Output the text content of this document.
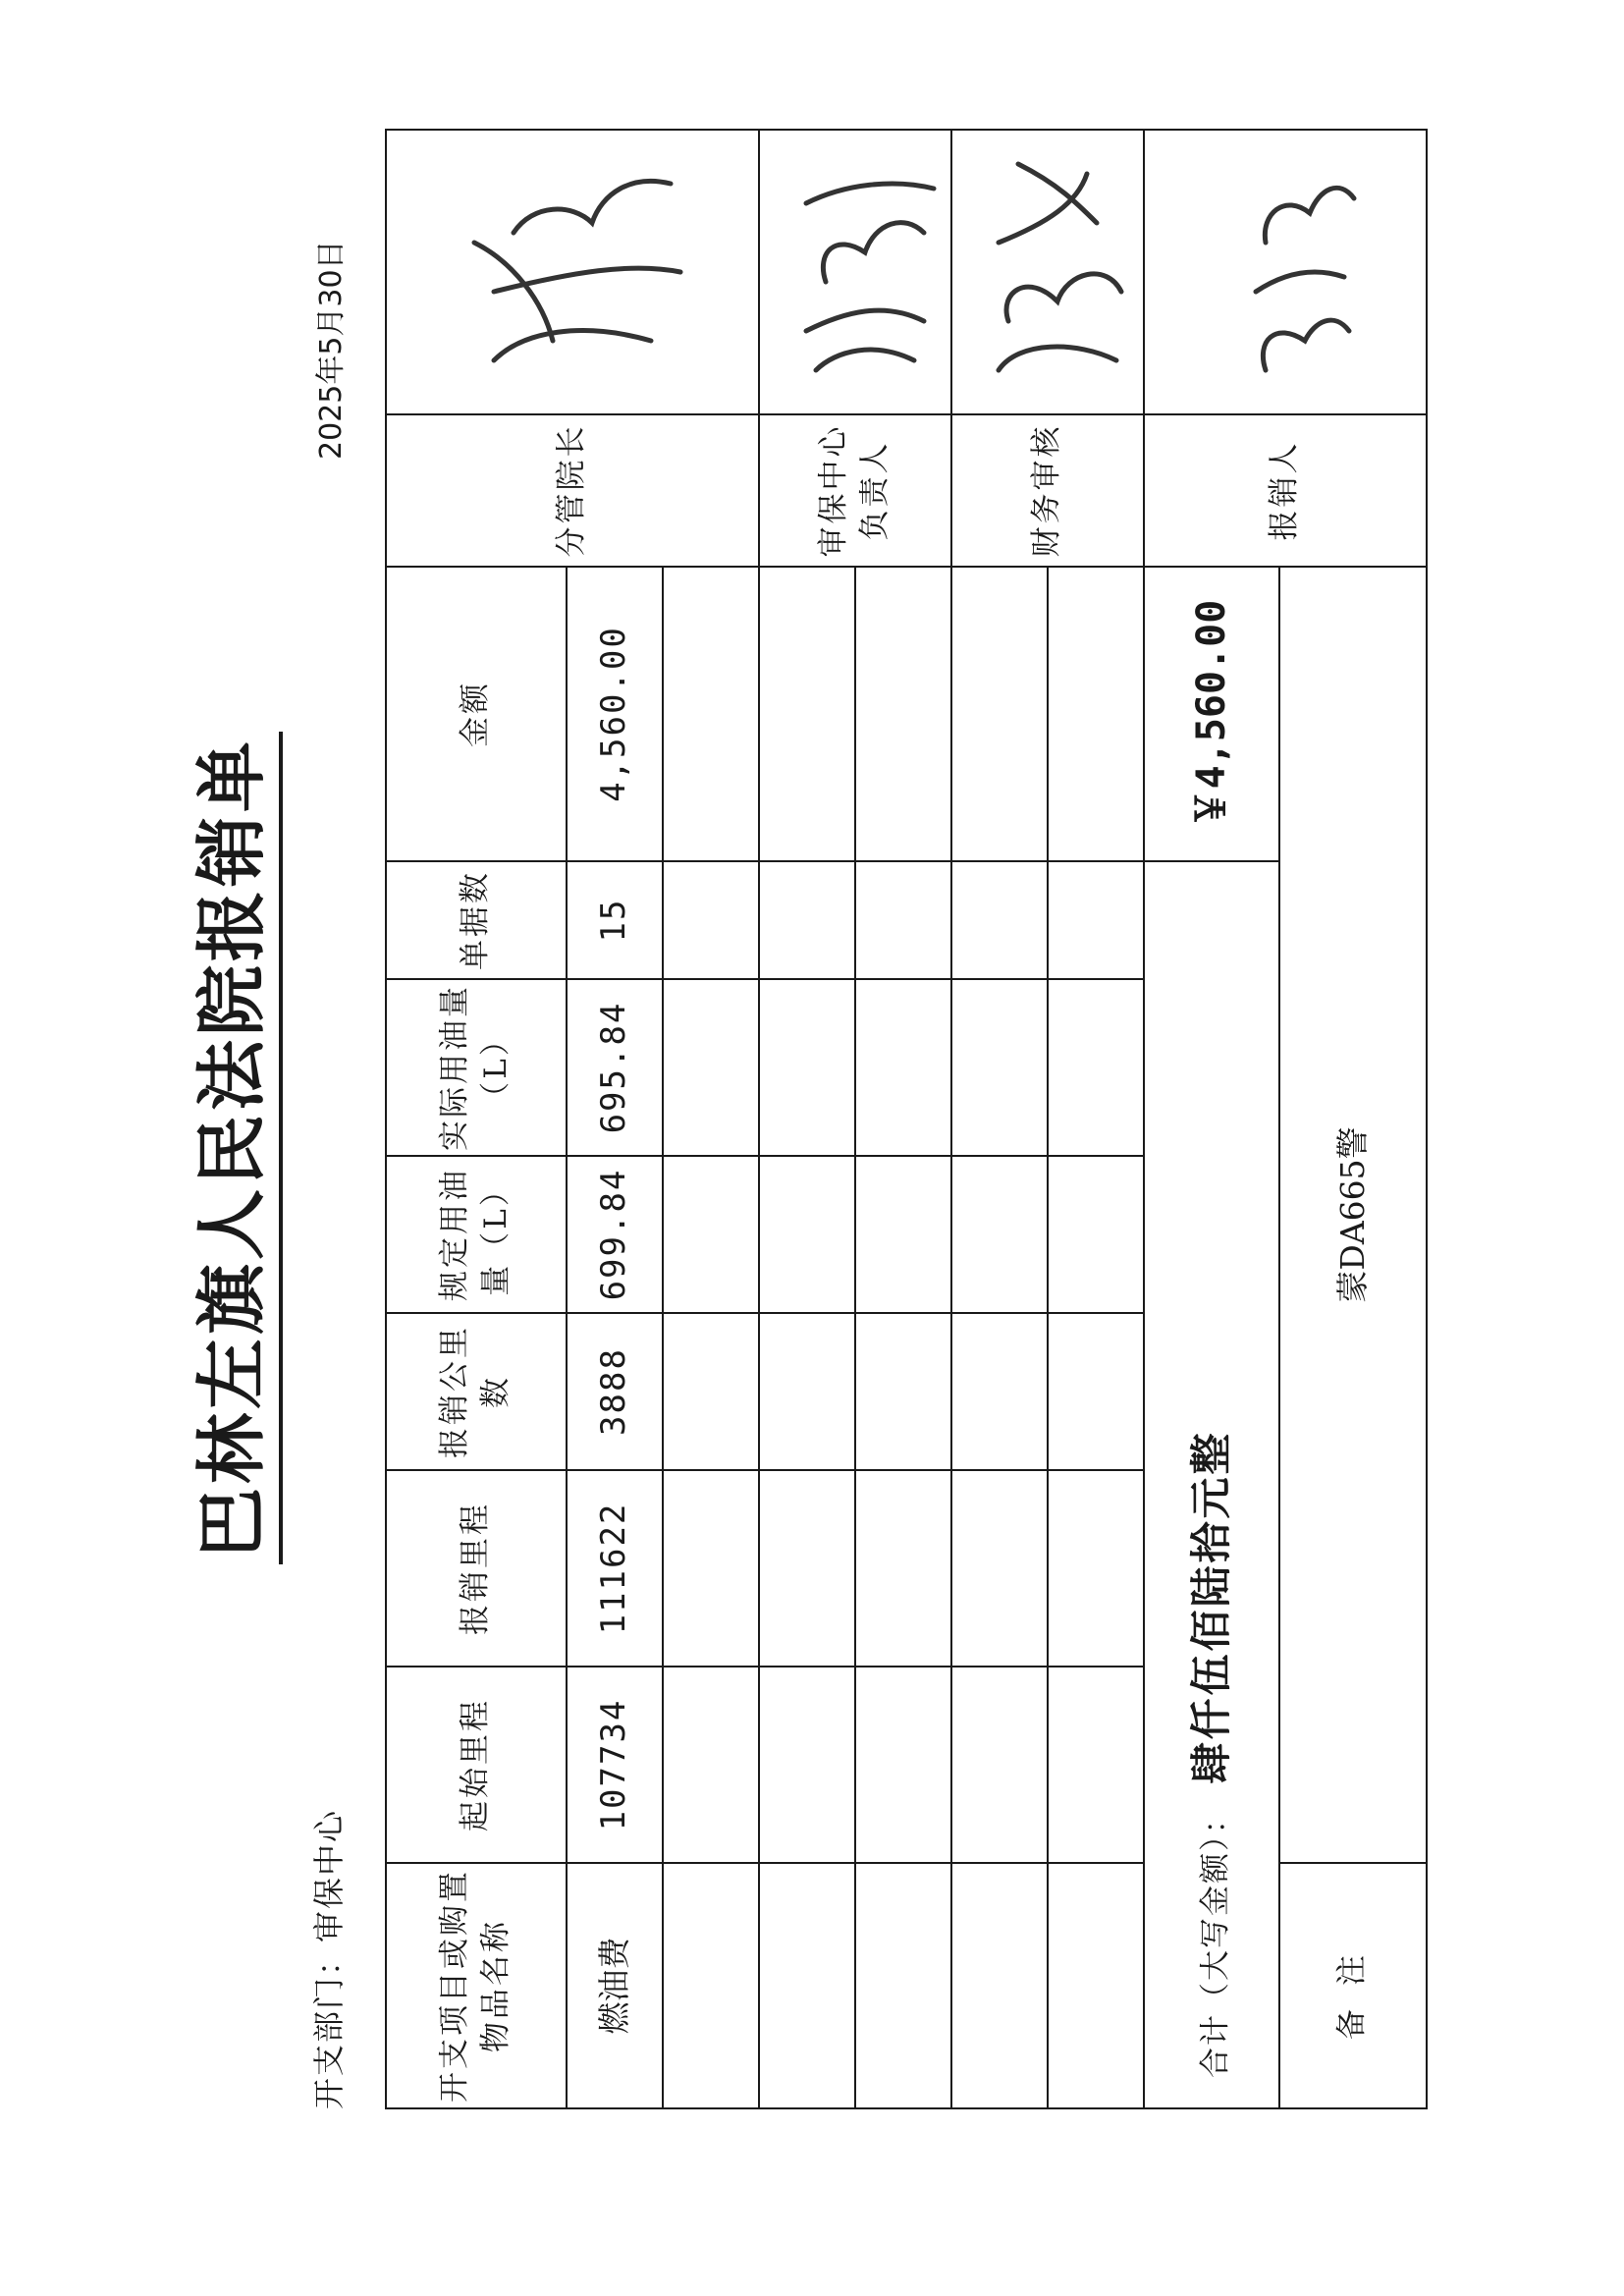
巴林左旗人民法院报销单
开支部门：审保中心
2025年5月30日
开支项目或购置物品名称	起始里程	报销里程	报销公里数	规定用油量（L）	实际用油量（L）	单据数	金额	分管院长	

燃油费	107734	111622	3888	699.84	695.84	15	4,560.00		

								审保中心负责人	

								财务审核	

合计（大写金额）：肆仟伍佰陆拾元整							￥4,560.00	报销人	

备注	蒙DA665警								
